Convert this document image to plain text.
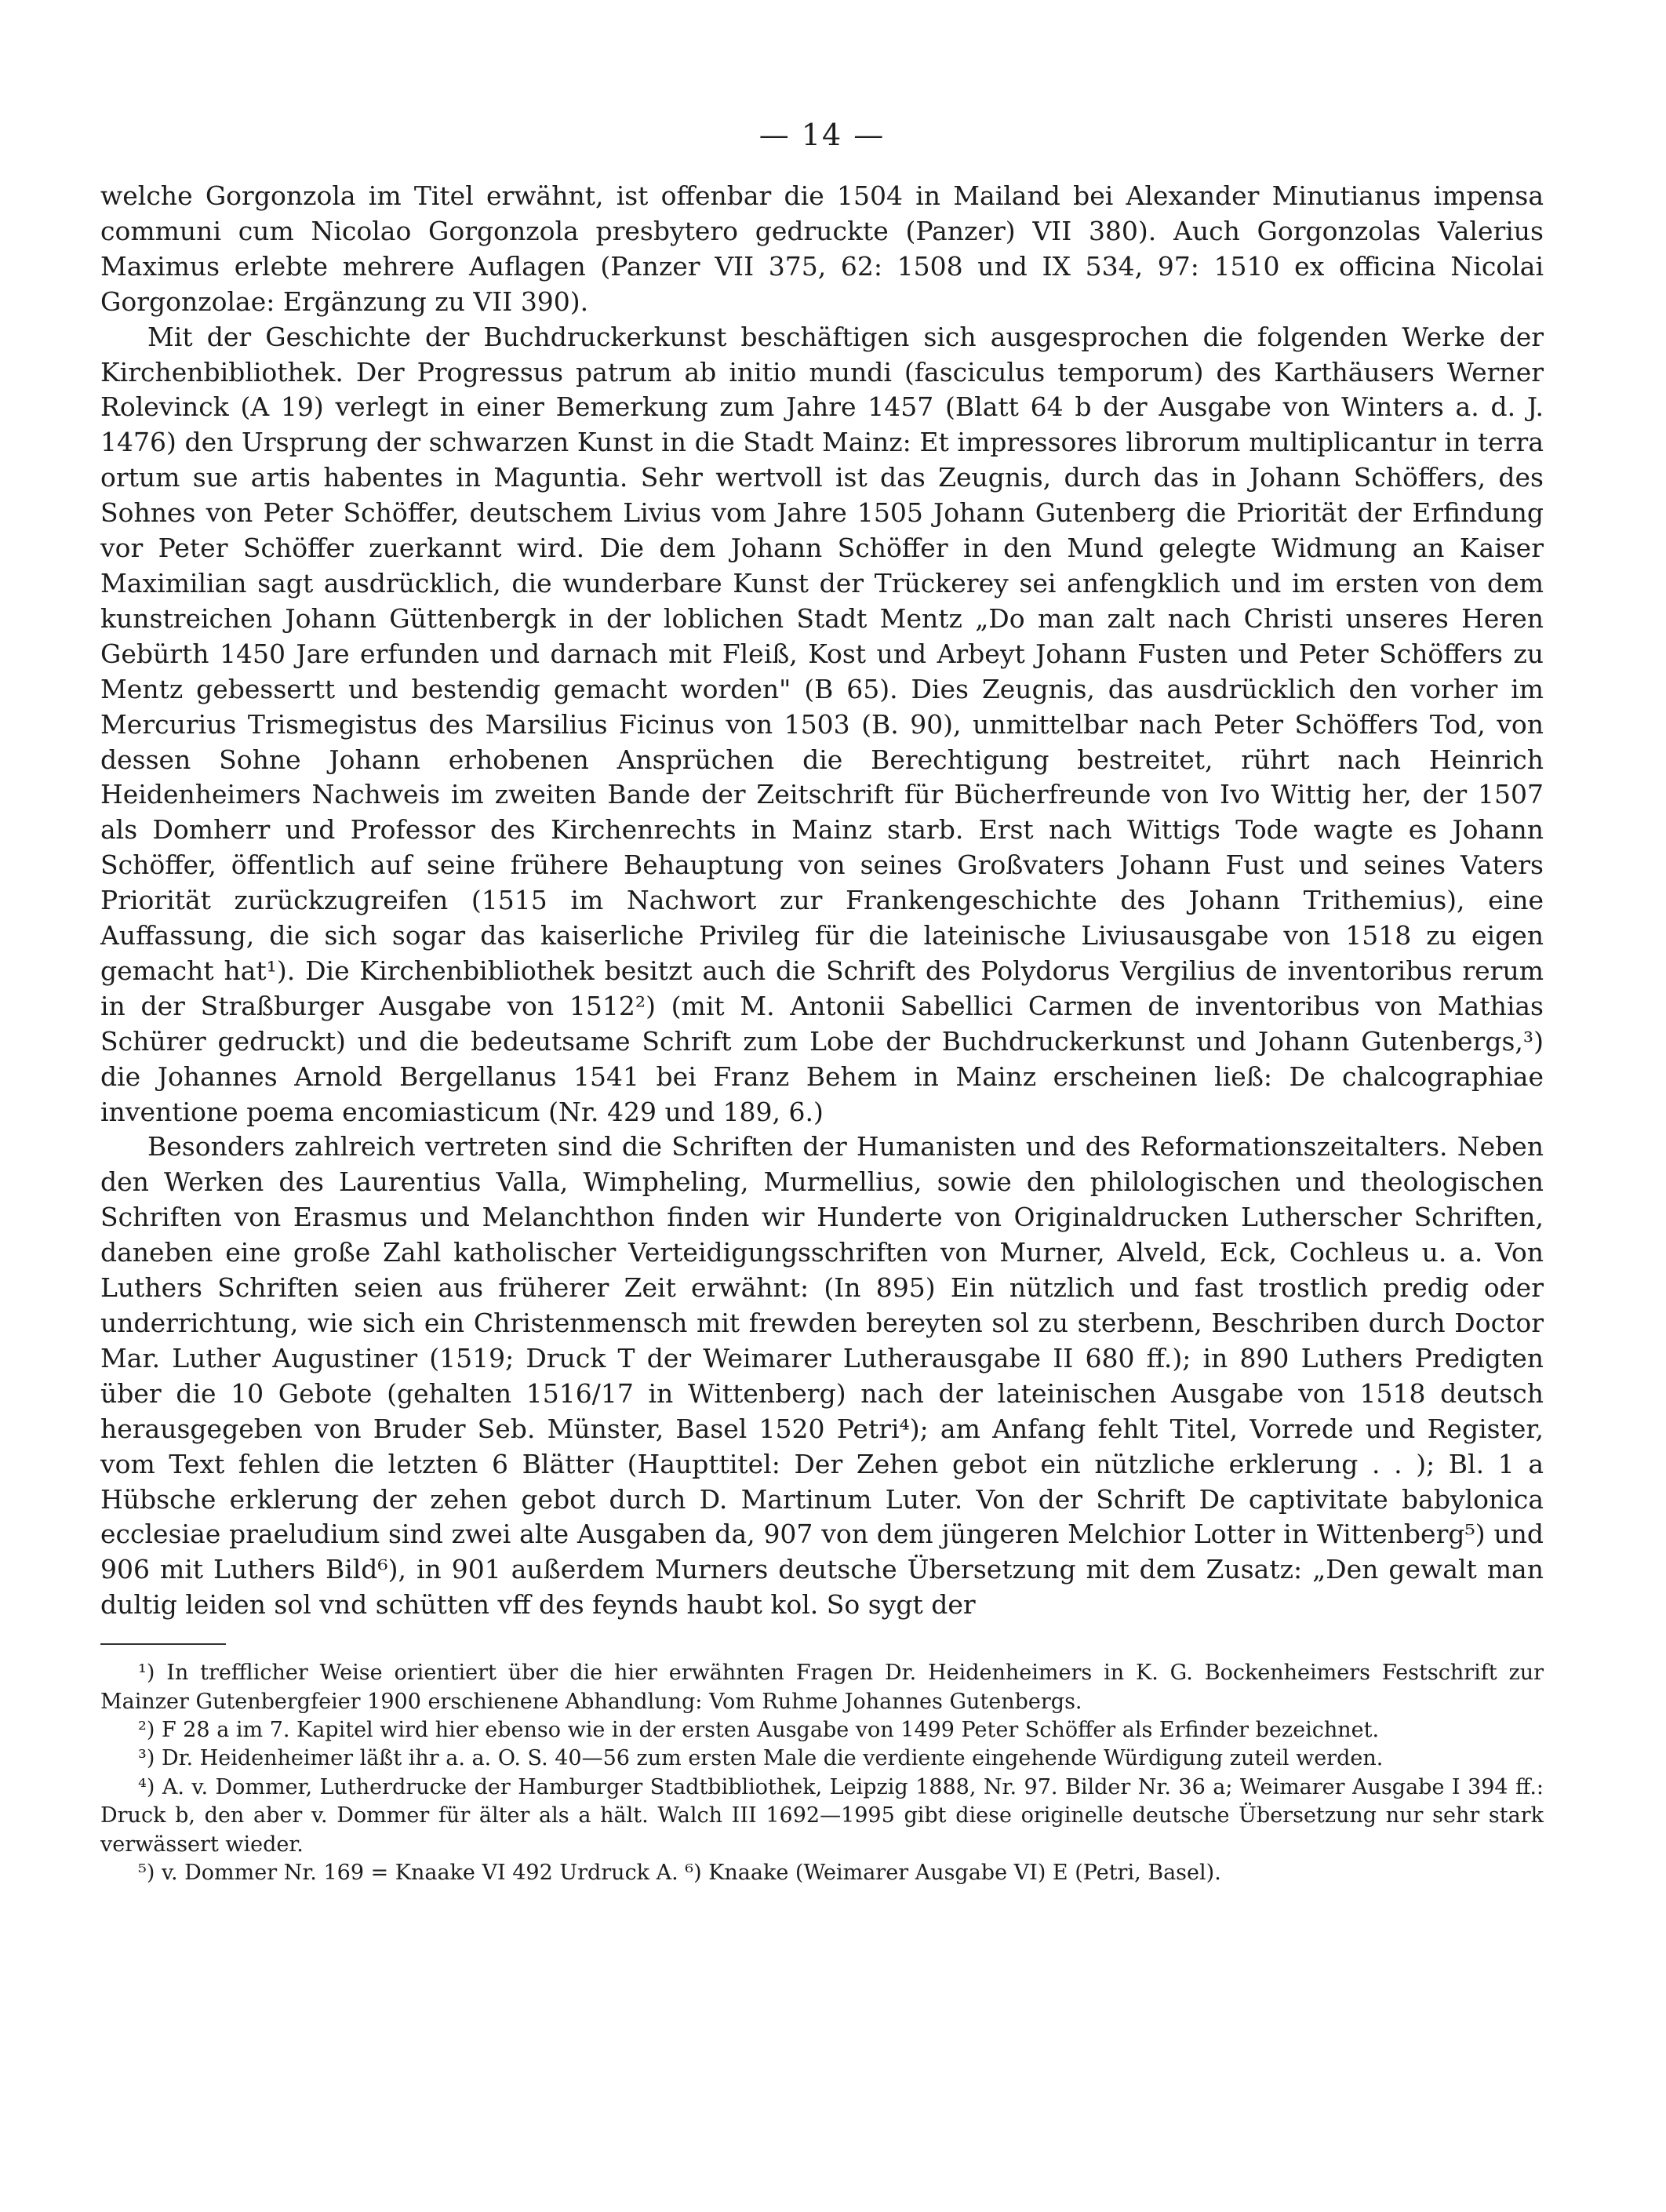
— 14 —

welche Gorgonzola im Titel erwähnt, ist offenbar die 1504 in Mailand bei Alexander Minutianus impensa communi cum Nicolao Gorgonzola presbytero gedruckte (Panzer) VII 380). Auch Gorgonzolas Valerius Maximus erlebte mehrere Auflagen (Panzer VII 375, 62: 1508 und IX 534, 97: 1510 ex officina Nicolai Gorgonzolae: Ergänzung zu VII 390).

Mit der Geschichte der Buchdruckerkunst beschäftigen sich ausgesprochen die folgenden Werke der Kirchenbibliothek. Der Progressus patrum ab initio mundi (fasciculus temporum) des Karthäusers Werner Rolevinck (A 19) verlegt in einer Bemerkung zum Jahre 1457 (Blatt 64 b der Ausgabe von Winters a. d. J. 1476) den Ursprung der schwarzen Kunst in die Stadt Mainz: Et impressores librorum multiplicantur in terra ortum sue artis habentes in Maguntia. Sehr wertvoll ist das Zeugnis, durch das in Johann Schöffers, des Sohnes von Peter Schöffer, deutschem Livius vom Jahre 1505 Johann Gutenberg die Priorität der Erfindung vor Peter Schöffer zuerkannt wird. Die dem Johann Schöffer in den Mund gelegte Widmung an Kaiser Maximilian sagt ausdrücklich, die wunderbare Kunst der Trückerey sei anfengklich und im ersten von dem kunstreichen Johann Güttenbergk in der loblichen Stadt Mentz „Do man zalt nach Christi unseres Heren Gebürth 1450 Jare erfunden und darnach mit Fleiß, Kost und Arbeyt Johann Fusten und Peter Schöffers zu Mentz gebessertt und bestendig gemacht worden" (B 65). Dies Zeugnis, das ausdrücklich den vorher im Mercurius Trismegistus des Marsilius Ficinus von 1503 (B. 90), unmittelbar nach Peter Schöffers Tod, von dessen Sohne Johann erhobenen Ansprüchen die Berechtigung bestreitet, rührt nach Heinrich Heidenheimers Nachweis im zweiten Bande der Zeitschrift für Bücherfreunde von Ivo Wittig her, der 1507 als Domherr und Professor des Kirchenrechts in Mainz starb. Erst nach Wittigs Tode wagte es Johann Schöffer, öffentlich auf seine frühere Behauptung von seines Großvaters Johann Fust und seines Vaters Priorität zurückzugreifen (1515 im Nachwort zur Frankengeschichte des Johann Trithemius), eine Auffassung, die sich sogar das kaiserliche Privileg für die lateinische Liviusausgabe von 1518 zu eigen gemacht hat¹). Die Kirchenbibliothek besitzt auch die Schrift des Polydorus Vergilius de inventoribus rerum in der Straßburger Ausgabe von 1512²) (mit M. Antonii Sabellici Carmen de inventoribus von Mathias Schürer gedruckt) und die bedeutsame Schrift zum Lobe der Buchdruckerkunst und Johann Gutenbergs,³) die Johannes Arnold Bergellanus 1541 bei Franz Behem in Mainz erscheinen ließ: De chalcographiae inventione poema encomiasticum (Nr. 429 und 189, 6.)

Besonders zahlreich vertreten sind die Schriften der Humanisten und des Reformationszeitalters. Neben den Werken des Laurentius Valla, Wimpheling, Murmellius, sowie den philologischen und theologischen Schriften von Erasmus und Melanchthon finden wir Hunderte von Originaldrucken Lutherscher Schriften, daneben eine große Zahl katholischer Verteidigungsschriften von Murner, Alveld, Eck, Cochleus u. a. Von Luthers Schriften seien aus früherer Zeit erwähnt: (In 895) Ein nützlich und fast trostlich predig oder underrichtung, wie sich ein Christenmensch mit frewden bereyten sol zu sterbenn, Beschriben durch Doctor Mar. Luther Augustiner (1519; Druck T der Weimarer Lutherausgabe II 680 ff.); in 890 Luthers Predigten über die 10 Gebote (gehalten 1516/17 in Wittenberg) nach der lateinischen Ausgabe von 1518 deutsch herausgegeben von Bruder Seb. Münster, Basel 1520 Petri⁴); am Anfang fehlt Titel, Vorrede und Register, vom Text fehlen die letzten 6 Blätter (Haupttitel: Der Zehen gebot ein nützliche erklerung . . ); Bl. 1 a Hübsche erklerung der zehen gebot durch D. Martinum Luter. Von der Schrift De captivitate babylonica ecclesiae praeludium sind zwei alte Ausgaben da, 907 von dem jüngeren Melchior Lotter in Wittenberg⁵) und 906 mit Luthers Bild⁶), in 901 außerdem Murners deutsche Übersetzung mit dem Zusatz: „Den gewalt man dultig leiden sol vnd schütten vff des feynds haubt kol. So sygt der

¹) In trefflicher Weise orientiert über die hier erwähnten Fragen Dr. Heidenheimers in K. G. Bockenheimers Festschrift zur Mainzer Gutenbergfeier 1900 erschienene Abhandlung: Vom Ruhme Johannes Gutenbergs.

²) F 28 a im 7. Kapitel wird hier ebenso wie in der ersten Ausgabe von 1499 Peter Schöffer als Erfinder bezeichnet.

³) Dr. Heidenheimer läßt ihr a. a. O. S. 40—56 zum ersten Male die verdiente eingehende Würdigung zuteil werden.

⁴) A. v. Dommer, Lutherdrucke der Hamburger Stadtbibliothek, Leipzig 1888, Nr. 97. Bilder Nr. 36 a; Weimarer Ausgabe I 394 ff.: Druck b, den aber v. Dommer für älter als a hält. Walch III 1692—1995 gibt diese originelle deutsche Übersetzung nur sehr stark verwässert wieder.

⁵) v. Dommer Nr. 169 = Knaake VI 492 Urdruck A. ⁶) Knaake (Weimarer Ausgabe VI) E (Petri, Basel).
